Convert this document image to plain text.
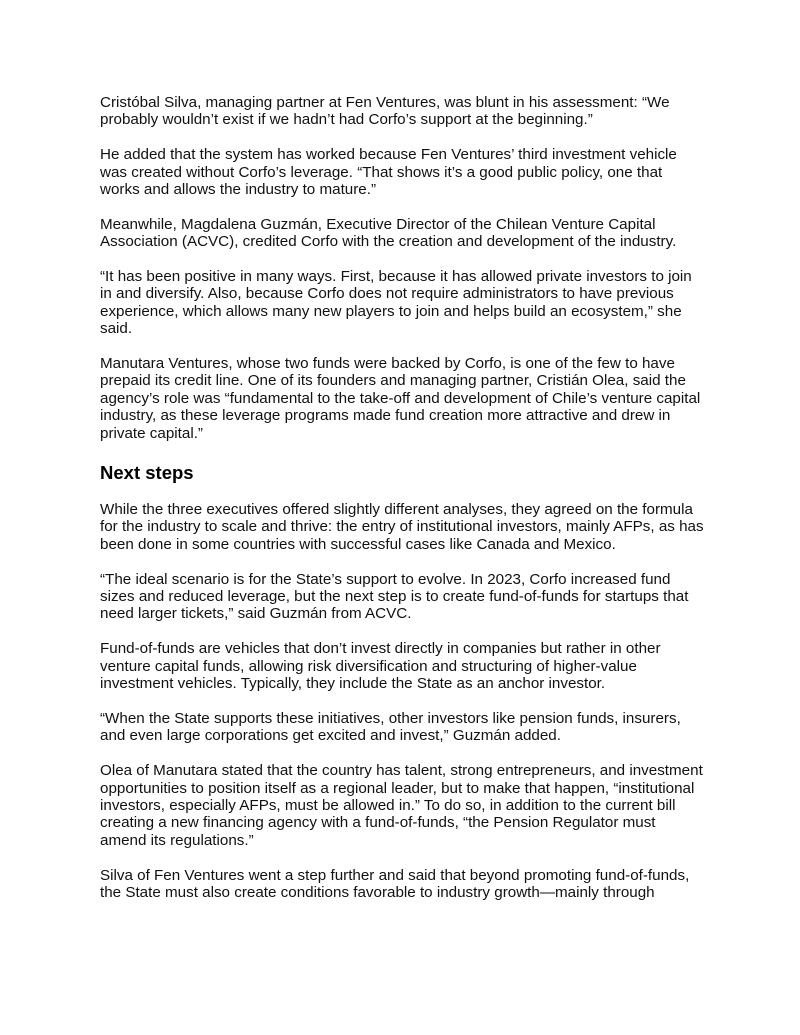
Cristóbal Silva, managing partner at Fen Ventures, was blunt in his assessment: “We probably wouldn’t exist if we hadn’t had Corfo’s support at the beginning.”

He added that the system has worked because Fen Ventures’ third investment vehicle was created without Corfo’s leverage. “That shows it’s a good public policy, one that works and allows the industry to mature.”

Meanwhile, Magdalena Guzmán, Executive Director of the Chilean Venture Capital Association (ACVC), credited Corfo with the creation and development of the industry.

“It has been positive in many ways. First, because it has allowed private investors to join in and diversify. Also, because Corfo does not require administrators to have previous experience, which allows many new players to join and helps build an ecosystem,” she said.

Manutara Ventures, whose two funds were backed by Corfo, is one of the few to have prepaid its credit line. One of its founders and managing partner, Cristián Olea, said the agency’s role was “fundamental to the take-off and development of Chile’s venture capital industry, as these leverage programs made fund creation more attractive and drew in private capital.”

Next steps

While the three executives offered slightly different analyses, they agreed on the formula for the industry to scale and thrive: the entry of institutional investors, mainly AFPs, as has been done in some countries with successful cases like Canada and Mexico.

“The ideal scenario is for the State’s support to evolve. In 2023, Corfo increased fund sizes and reduced leverage, but the next step is to create fund-of-funds for startups that need larger tickets,” said Guzmán from ACVC.

Fund-of-funds are vehicles that don’t invest directly in companies but rather in other venture capital funds, allowing risk diversification and structuring of higher-value investment vehicles. Typically, they include the State as an anchor investor.

“When the State supports these initiatives, other investors like pension funds, insurers, and even large corporations get excited and invest,” Guzmán added.

Olea of Manutara stated that the country has talent, strong entrepreneurs, and investment opportunities to position itself as a regional leader, but to make that happen, “institutional investors, especially AFPs, must be allowed in.” To do so, in addition to the current bill creating a new financing agency with a fund-of-funds, “the Pension Regulator must amend its regulations.”

Silva of Fen Ventures went a step further and said that beyond promoting fund-of-funds, the State must also create conditions favorable to industry growth—mainly through
